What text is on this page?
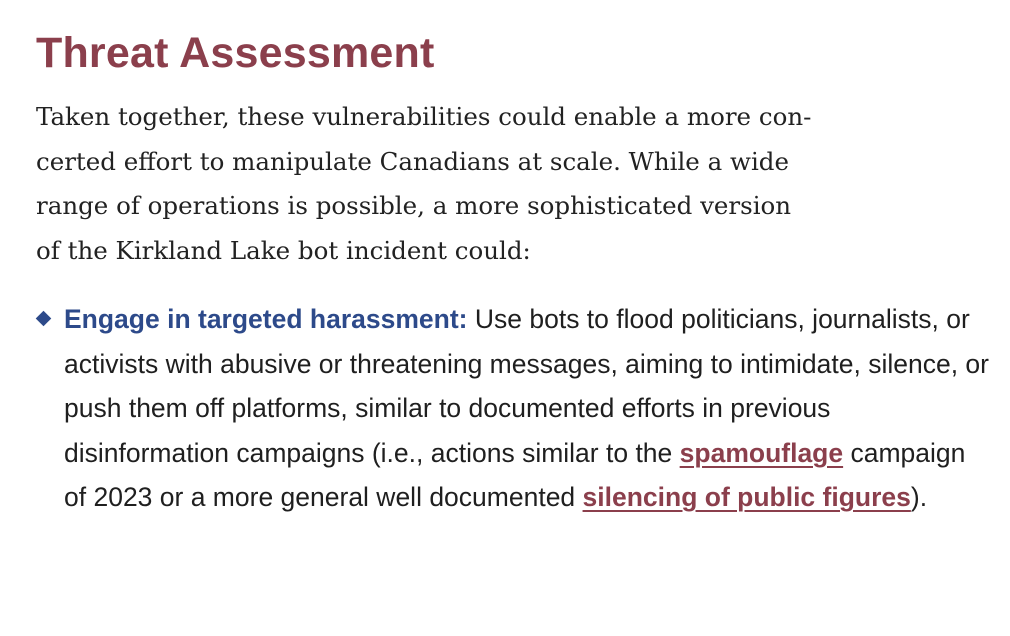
Threat Assessment

Taken together, these vulnerabilities could enable a more con-

certed effort to manipulate Canadians at scale. While a wide

range of operations is possible, a more sophisticated version

of the Kirkland Lake bot incident could:

Engage in targeted harassment: Use bots to flood politicians, journalists, or activists with abusive or threatening messages, aiming to intimidate, silence, or push them off platforms, similar to documented efforts in previous disinformation campaigns (i.e., actions similar to the spamouflage campaign of 2023 or a more general well documented silencing of public figures).
